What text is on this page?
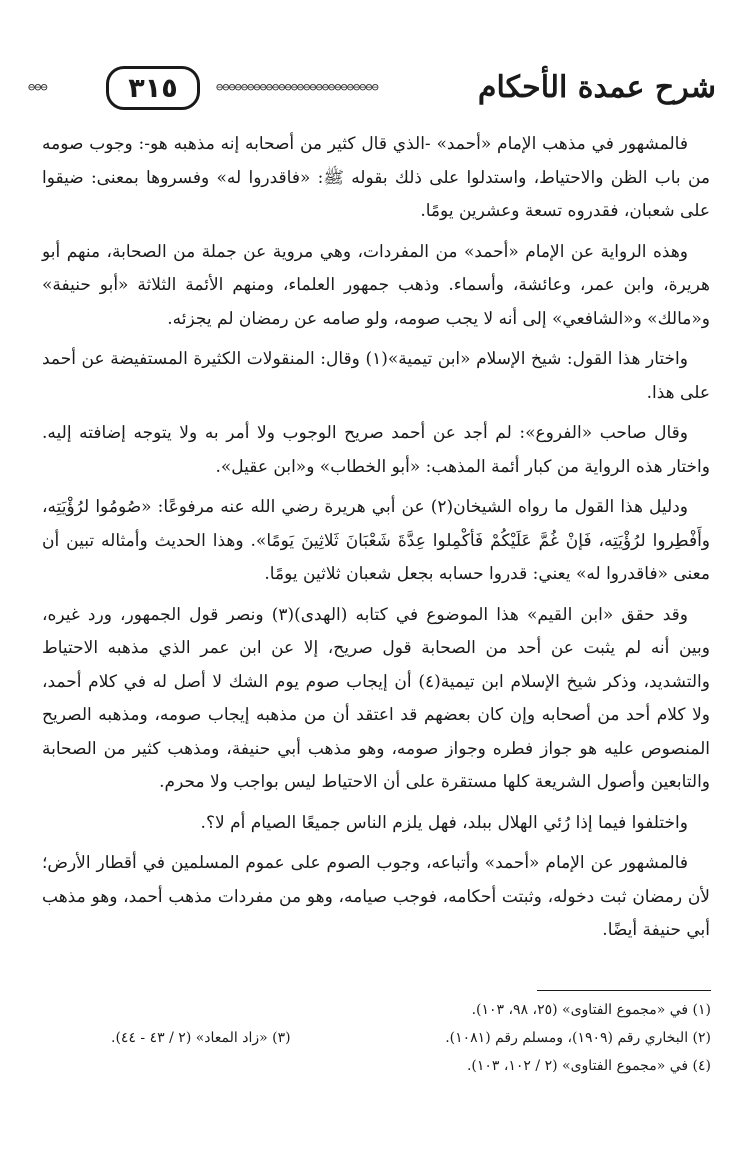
شرح عمدة الأحكام
⊖⊖⊖⊖⊖⊖⊖⊖⊖⊖⊖⊖⊖⊖⊖⊖⊖⊖⊖⊖⊖⊖⊖⊖⊖⊖
٣١٥
⊖⊖⊖

فالمشهور في مذهب الإمام «أحمد» -الذي قال كثير من أصحابه إنه مذهبه هو-: وجوب صومه من باب الظن والاحتياط، واستدلوا على ذلك بقوله ﷺ: «فاقدروا له» وفسروها بمعنى: ضيقوا على شعبان، فقدروه تسعة وعشرين يومًا.

وهذه الرواية عن الإمام «أحمد» من المفردات، وهي مروية عن جملة من الصحابة، منهم أبو هريرة، وابن عمر، وعائشة، وأسماء. وذهب جمهور العلماء، ومنهم الأئمة الثلاثة «أبو حنيفة» و«مالك» و«الشافعي» إلى أنه لا يجب صومه، ولو صامه عن رمضان لم يجزئه.

واختار هذا القول: شيخ الإسلام «ابن تيمية»(١) وقال: المنقولات الكثيرة المستفيضة عن أحمد على هذا.

وقال صاحب «الفروع»: لم أجد عن أحمد صريح الوجوب ولا أمر به ولا يتوجه إضافته إليه. واختار هذه الرواية من كبار أئمة المذهب: «أبو الخطاب» و«ابن عقيل».

ودليل هذا القول ما رواه الشيخان(٢) عن أبي هريرة رضي الله عنه مرفوعًا: «صُومُوا لرُؤْيَتِه، وأَفْطِروا لرُؤْيَتِه، فَإنْ غُمَّ عَلَيْكُمْ فَأكْمِلوا عِدَّةَ شَعْبَانَ ثَلاثِينَ يَومًا». وهذا الحديث وأمثاله تبين أن معنى «فاقدروا له» يعني: قدروا حسابه بجعل شعبان ثلاثين يومًا.

وقد حقق «ابن القيم» هذا الموضوع في كتابه (الهدى)(٣) ونصر قول الجمهور، ورد غيره، وبين أنه لم يثبت عن أحد من الصحابة قول صريح، إلا عن ابن عمر الذي مذهبه الاحتياط والتشديد، وذكر شيخ الإسلام ابن تيمية(٤) أن إيجاب صوم يوم الشك لا أصل له في كلام أحمد، ولا كلام أحد من أصحابه وإن كان بعضهم قد اعتقد أن من مذهبه إيجاب صومه، ومذهبه الصريح المنصوص عليه هو جواز فطره وجواز صومه، وهو مذهب أبي حنيفة، ومذهب كثير من الصحابة والتابعين وأصول الشريعة كلها مستقرة على أن الاحتياط ليس بواجب ولا محرم.

واختلفوا فيما إذا رُئي الهلال ببلد، فهل يلزم الناس جميعًا الصيام أم لا؟.

فالمشهور عن الإمام «أحمد» وأتباعه، وجوب الصوم على عموم المسلمين في أقطار الأرض؛ لأن رمضان ثبت دخوله، وثبتت أحكامه، فوجب صيامه، وهو من مفردات مذهب أحمد، وهو مذهب أبي حنيفة أيضًا.

(١) في «مجموع الفتاوى» (٢٥، ٩٨، ١٠٣).
(٢) البخاري رقم (١٩٠٩)، ومسلم رقم (١٠٨١).
(٣) «زاد المعاد» (٢ / ٤٣ - ٤٤).
(٤) في «مجموع الفتاوى» (٢ / ١٠٢، ١٠٣).
